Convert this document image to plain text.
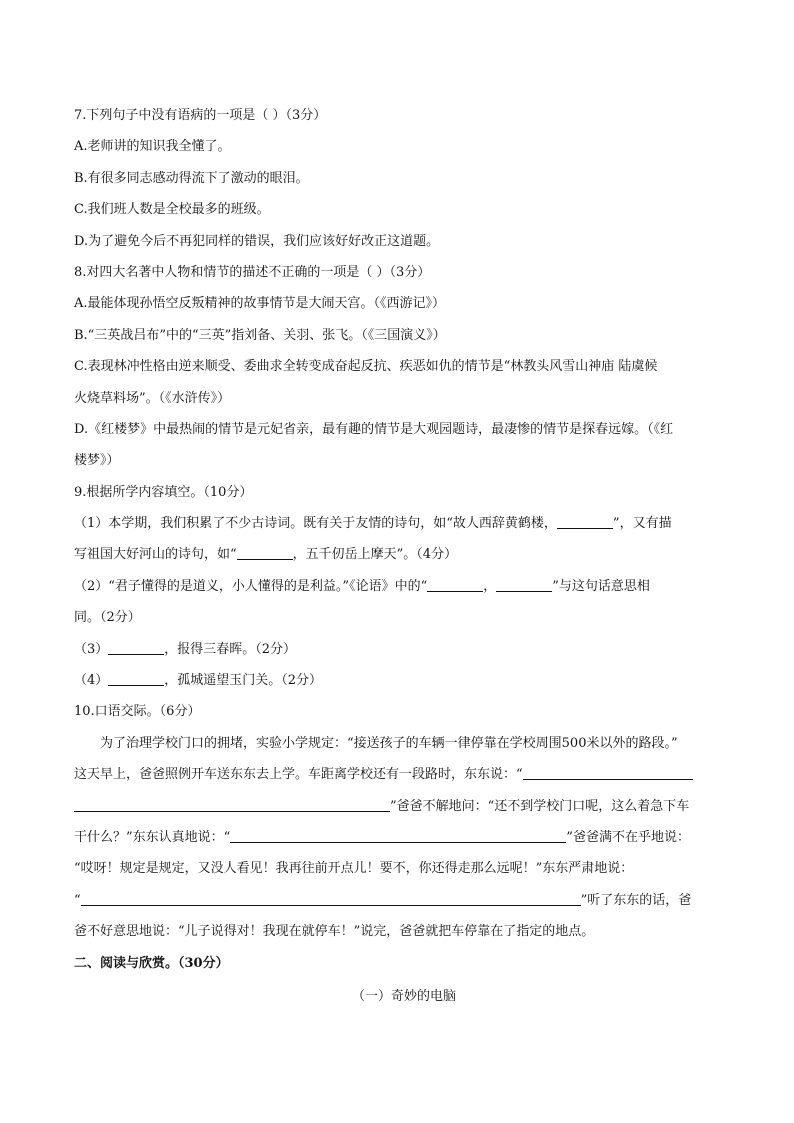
7.下列句子中没有语病的一项是（ ）（3分）
A.老师讲的知识我全懂了。
B.有很多同志感动得流下了激动的眼泪。
C.我们班人数是全校最多的班级。
D.为了避免今后不再犯同样的错误，我们应该好好改正这道题。
8.对四大名著中人物和情节的描述不正确的一项是（ ）（3分）
A.最能体现孙悟空反叛精神的故事情节是大闹天宫。（《西游记》）
B.“三英战吕布”中的“三英”指刘备、关羽、张飞。（《三国演义》）
C.表现林冲性格由逆来顺受、委曲求全转变成奋起反抗、疾恶如仇的情节是“林教头风雪山神庙 陆虞候
火烧草料场”。（《水浒传》）
D.《红楼梦》中最热闹的情节是元妃省亲，最有趣的情节是大观园题诗，最凄惨的情节是探春远嫁。（《红
楼梦》）
9.根据所学内容填空。（10分）
（1）本学期，我们积累了不少古诗词。既有关于友情的诗句，如“故人西辞黄鹤楼，	”，又有描
写祖国大好河山的诗句，如“	，五千仞岳上摩天”。（4分）
（2）“君子懂得的是道义，小人懂得的是利益。”《论语》中的“	，	”与这句话意思相
同。（2分）
（3）	，报得三春晖。（2分）
（4）	，孤城遥望玉门关。（2分）
10.口语交际。（6分）
为了治理学校门口的拥堵，实验小学规定：“接送孩子的车辆一律停靠在学校周围500米以外的路段。”
这天早上，爸爸照例开车送东东去上学。车距离学校还有一段路时，东东说：“
”爸爸不解地问：“还不到学校门口呢，这么着急下车
干什么？”东东认真地说：“	”爸爸满不在乎地说：
“哎呀！规定是规定，又没人看见！我再往前开点儿！要不，你还得走那么远呢！”东东严肃地说：
“	”听了东东的话，爸
爸不好意思地说：“儿子说得对！我现在就停车！”说完，爸爸就把车停靠在了指定的地点。
二、阅读与欣赏。（30分）
（一）奇妙的电脑
